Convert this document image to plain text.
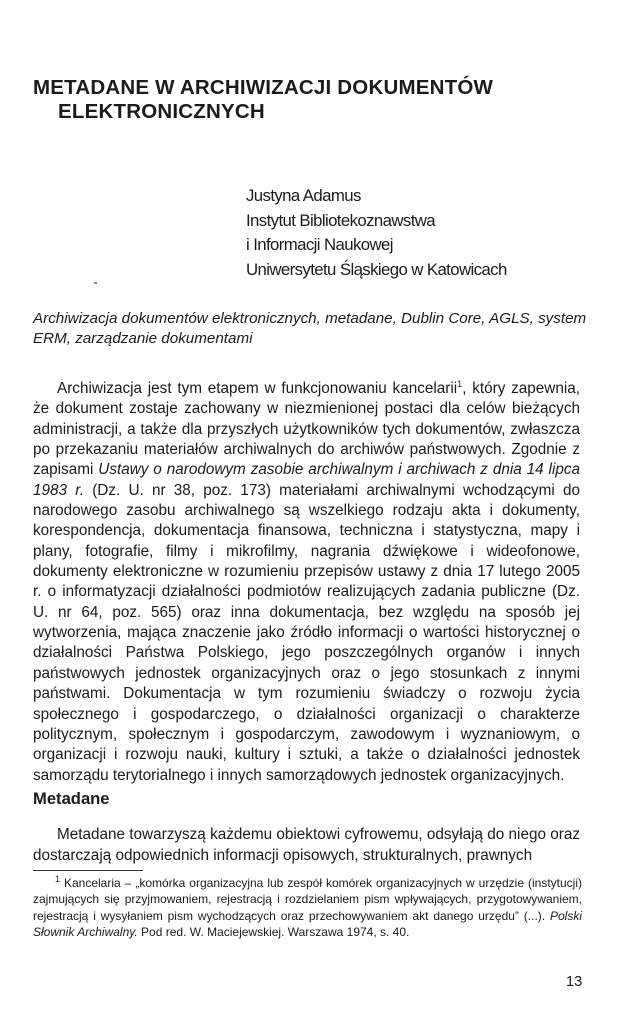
METADANE W ARCHIWIZACJI DOKUMENTÓW
ELEKTRONICZNYCH
Justyna Adamus
Instytut Bibliotekoznawstwa
i Informacji Naukowej
Uniwersytetu Śląskiego w Katowicach
Archiwizacja dokumentów elektronicznych, metadane, Dublin Core, AGLS, system ERM, zarządzanie dokumentami

Archiwizacja jest tym etapem w funkcjonowaniu kancelarii$^1$, który zapewnia, że dokument zostaje zachowany w niezmienionej postaci dla celów bieżących administracji, a także dla przyszłych użytkowników tych dokumentów, zwłaszcza po przekazaniu materiałów archiwalnych do archiwów państwowych. Zgodnie z zapisami Ustawy o narodowym zasobie archiwalnym i archiwach z dnia 14 lipca 1983 r. (Dz. U. nr 38, poz. 173) materiałami archiwalnymi wchodzącymi do narodowego zasobu archiwalnego są wszelkiego rodzaju akta i dokumenty, korespondencja, dokumentacja finansowa, techniczna i statystyczna, mapy i plany, fotografie, filmy i mikrofilmy, nagrania dźwiękowe i wideofonowe, dokumenty elektroniczne w rozumieniu przepisów ustawy z dnia 17 lutego 2005 r. o informatyzacji działalności podmiotów realizujących zadania publiczne (Dz. U. nr 64, poz. 565) oraz inna dokumentacja, bez względu na sposób jej wytworzenia, mająca znaczenie jako źródło informacji o wartości historycznej o działalności Państwa Polskiego, jego poszczególnych organów i innych państwowych jednostek organizacyjnych oraz o jego stosunkach z innymi państwami. Dokumentacja w tym rozumieniu świadczy o rozwoju życia społecznego i gospodarczego, o działalności organizacji o charakterze politycznym, społecznym i gospodarczym, zawodowym i wyznaniowym, o organizacji i rozwoju nauki, kultury i sztuki, a także o działalności jednostek samorządu terytorialnego i innych samorządowych jednostek organizacyjnych.

Metadane

Metadane towarzyszą każdemu obiektowi cyfrowemu, odsyłają do niego oraz dostarczają odpowiednich informacji opisowych, strukturalnych, prawnych

$^1$ Kancelaria – „komórka organizacyjna lub zespół komórek organizacyjnych w urzędzie (instytucji) zajmujących się przyjmowaniem, rejestracją i rozdzielaniem pism wpływających, przygotowywaniem, rejestracją i wysyłaniem pism wychodzących oraz przechowywaniem akt danego urzędu” (...). Polski Słownik Archiwalny. Pod red. W. Maciejewskiej. Warszawa 1974, s. 40.

13
